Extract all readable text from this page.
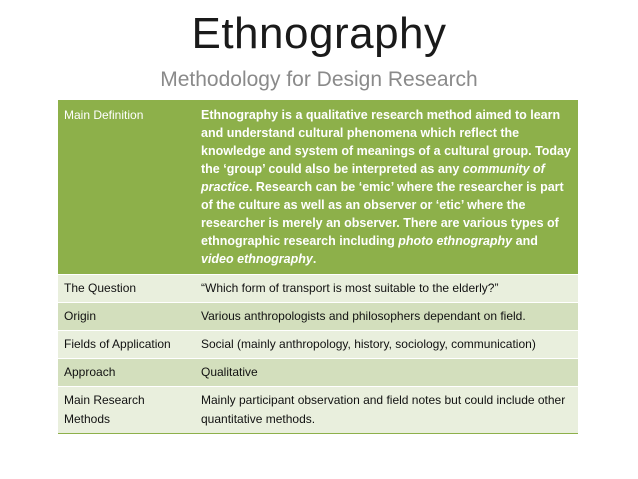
Ethnography
Methodology for Design Research
Main Definition	Ethnography is a qualitative research method aimed to learn and understand cultural phenomena which reflect the knowledge and system of meanings of a cultural group. Today the ‘group’ could also be interpreted as any community of practice. Research can be ‘emic’ where the researcher is part of the culture as well as an observer or ‘etic’ where the researcher is merely an observer. There are various types of ethnographic research including photo ethnography and video ethnography.
The Question	“Which form of transport is most suitable to the elderly?”
Origin	Various anthropologists and philosophers dependant on field.
Fields of Application	Social (mainly anthropology, history, sociology, communication)
Approach	Qualitative
Main Research Methods	Mainly participant observation and field notes but could include other quantitative methods.
